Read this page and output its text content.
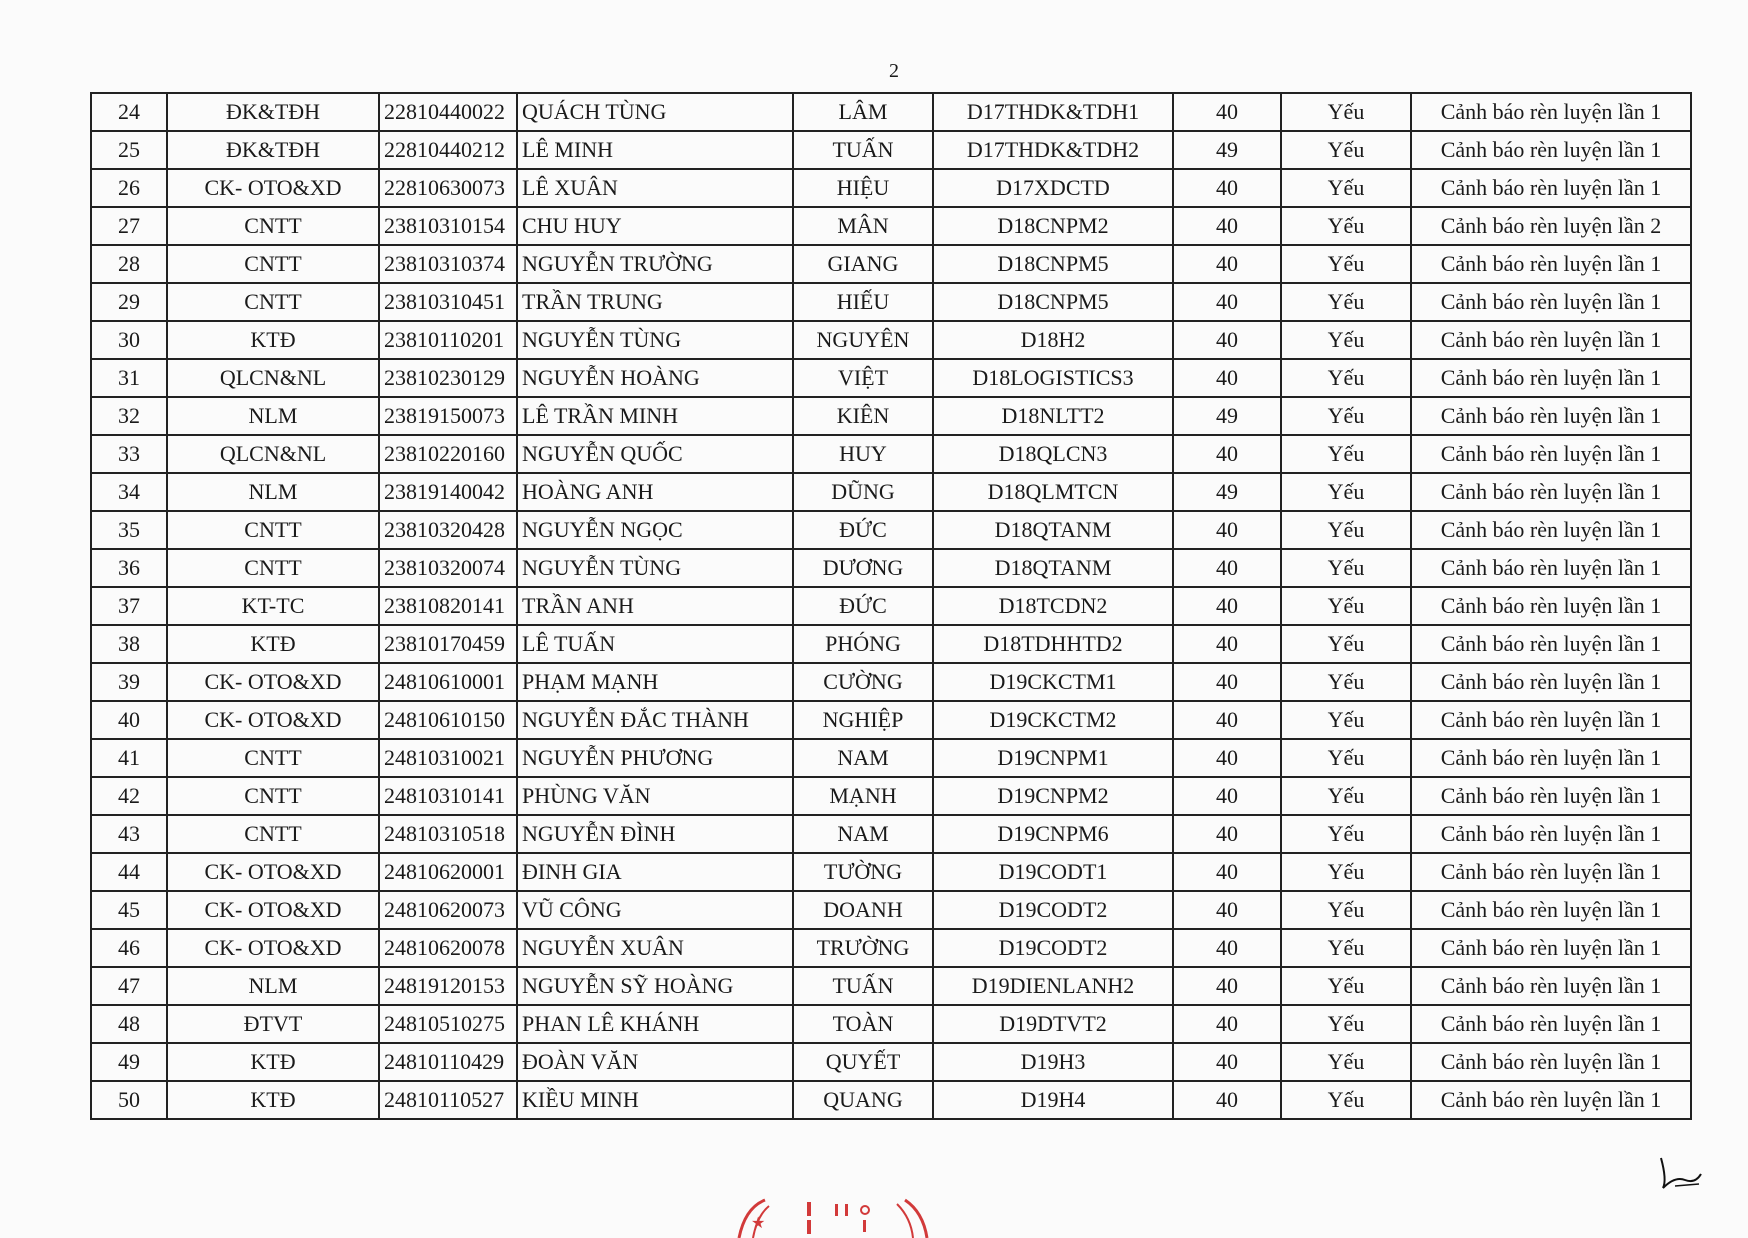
2
24	ĐK&TĐH	22810440022	QUÁCH TÙNG	LÂM	D17THDK&TDH1	40	Yếu	Cảnh báo rèn luyện lần 1
25	ĐK&TĐH	22810440212	LÊ MINH	TUẤN	D17THDK&TDH2	49	Yếu	Cảnh báo rèn luyện lần 1
26	CK- OTO&XD	22810630073	LÊ XUÂN	HIỆU	D17XDCTD	40	Yếu	Cảnh báo rèn luyện lần 1
27	CNTT	23810310154	CHU HUY	MÂN	D18CNPM2	40	Yếu	Cảnh báo rèn luyện lần 2
28	CNTT	23810310374	NGUYỄN TRƯỜNG	GIANG	D18CNPM5	40	Yếu	Cảnh báo rèn luyện lần 1
29	CNTT	23810310451	TRẦN TRUNG	HIẾU	D18CNPM5	40	Yếu	Cảnh báo rèn luyện lần 1
30	KTĐ	23810110201	NGUYỄN TÙNG	NGUYÊN	D18H2	40	Yếu	Cảnh báo rèn luyện lần 1
31	QLCN&NL	23810230129	NGUYỄN HOÀNG	VIỆT	D18LOGISTICS3	40	Yếu	Cảnh báo rèn luyện lần 1
32	NLM	23819150073	LÊ TRẦN MINH	KIÊN	D18NLTT2	49	Yếu	Cảnh báo rèn luyện lần 1
33	QLCN&NL	23810220160	NGUYỄN QUỐC	HUY	D18QLCN3	40	Yếu	Cảnh báo rèn luyện lần 1
34	NLM	23819140042	HOÀNG ANH	DŨNG	D18QLMTCN	49	Yếu	Cảnh báo rèn luyện lần 1
35	CNTT	23810320428	NGUYỄN NGỌC	ĐỨC	D18QTANM	40	Yếu	Cảnh báo rèn luyện lần 1
36	CNTT	23810320074	NGUYỄN TÙNG	DƯƠNG	D18QTANM	40	Yếu	Cảnh báo rèn luyện lần 1
37	KT-TC	23810820141	TRẦN ANH	ĐỨC	D18TCDN2	40	Yếu	Cảnh báo rèn luyện lần 1
38	KTĐ	23810170459	LÊ TUẤN	PHÓNG	D18TDHHTD2	40	Yếu	Cảnh báo rèn luyện lần 1
39	CK- OTO&XD	24810610001	PHẠM MẠNH	CƯỜNG	D19CKCTM1	40	Yếu	Cảnh báo rèn luyện lần 1
40	CK- OTO&XD	24810610150	NGUYỄN ĐẮC THÀNH	NGHIỆP	D19CKCTM2	40	Yếu	Cảnh báo rèn luyện lần 1
41	CNTT	24810310021	NGUYỄN PHƯƠNG	NAM	D19CNPM1	40	Yếu	Cảnh báo rèn luyện lần 1
42	CNTT	24810310141	PHÙNG VĂN	MẠNH	D19CNPM2	40	Yếu	Cảnh báo rèn luyện lần 1
43	CNTT	24810310518	NGUYỄN ĐÌNH	NAM	D19CNPM6	40	Yếu	Cảnh báo rèn luyện lần 1
44	CK- OTO&XD	24810620001	ĐINH GIA	TƯỜNG	D19CODT1	40	Yếu	Cảnh báo rèn luyện lần 1
45	CK- OTO&XD	24810620073	VŨ CÔNG	DOANH	D19CODT2	40	Yếu	Cảnh báo rèn luyện lần 1
46	CK- OTO&XD	24810620078	NGUYỄN XUÂN	TRƯỜNG	D19CODT2	40	Yếu	Cảnh báo rèn luyện lần 1
47	NLM	24819120153	NGUYỄN SỸ HOÀNG	TUẤN	D19DIENLANH2	40	Yếu	Cảnh báo rèn luyện lần 1
48	ĐTVT	24810510275	PHAN LÊ KHÁNH	TOÀN	D19DTVT2	40	Yếu	Cảnh báo rèn luyện lần 1
49	KTĐ	24810110429	ĐOÀN VĂN	QUYẾT	D19H3	40	Yếu	Cảnh báo rèn luyện lần 1
50	KTĐ	24810110527	KIỀU MINH	QUANG	D19H4	40	Yếu	Cảnh báo rèn luyện lần 1
★
